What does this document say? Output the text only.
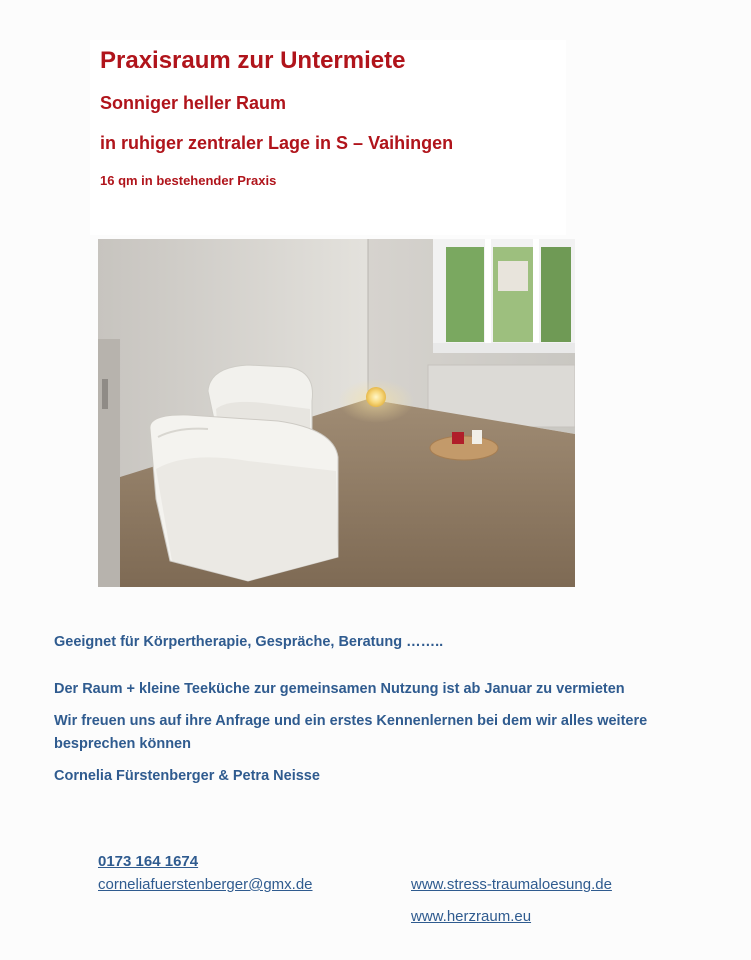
Praxisraum zur Untermiete
Sonniger heller Raum
in ruhiger zentraler Lage in S – Vaihingen
16 qm in bestehender Praxis
Geeignet für Körpertherapie, Gespräche, Beratung ……..
Der Raum + kleine Teeküche zur gemeinsamen Nutzung ist ab Januar zu vermieten
Wir freuen uns auf ihre Anfrage und ein erstes Kennenlernen bei dem wir alles weitere besprechen können
Cornelia Fürstenberger & Petra Neisse
0173 164 1674
corneliafuerstenberger@gmx.de	www.stress-traumaloesung.de
www.herzraum.eu
